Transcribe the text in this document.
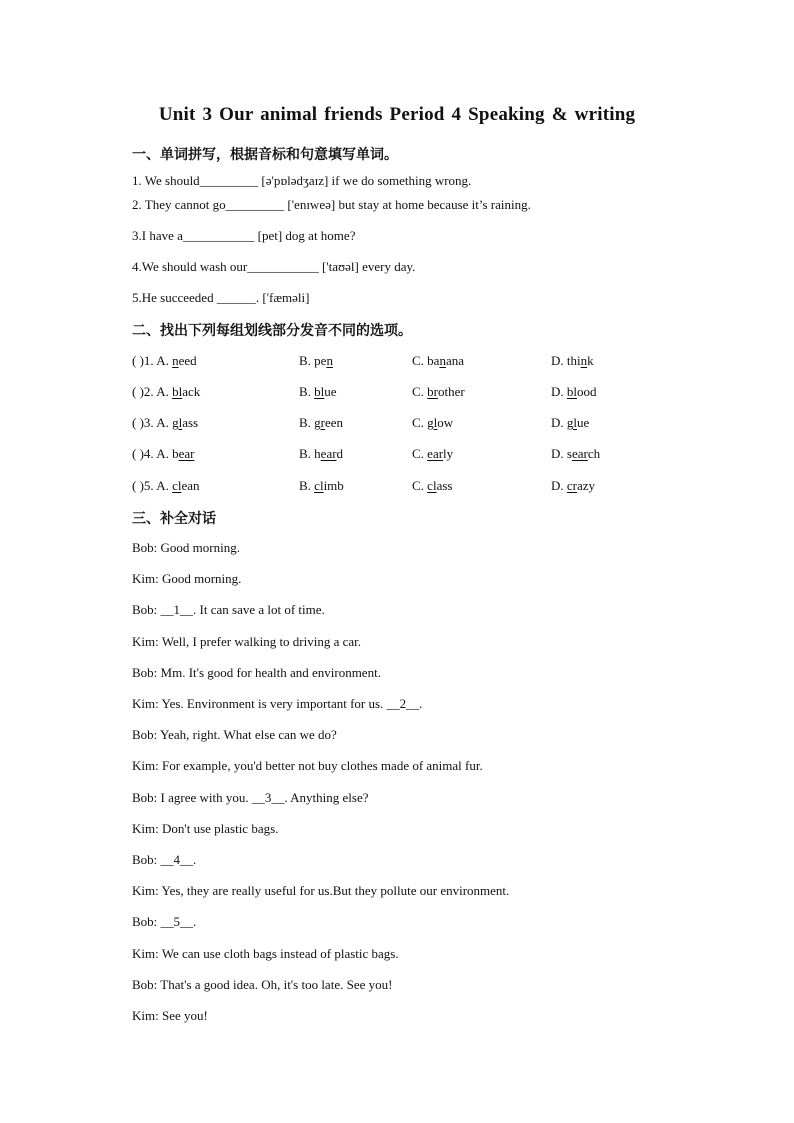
Unit 3 Our animal friends Period 4 Speaking & writing
一、单词拼写，根据音标和句意填写单词。
1. We should_________ [ə'pɒlədʒaɪz] if we do something wrong.
2. They cannot go_________ ['enɪweə] but stay at home because it’s raining.
3.I have a___________ [pet] dog at home?
4.We should wash our___________ ['taʊəl] every day.
5.He succeeded ______. ['fæməli]
二、找出下列每组划线部分发音不同的选项。
( )1. A. need	B. pen	C. banana	D. think
( )2. A. black	B. blue	C. brother	D. blood
( )3. A. glass	B. green	C. glow	D. glue
( )4. A. bear	B. heard	C. early	D. search
( )5. A. clean	B. climb	C. class	D. crazy
三、补全对话
Bob: Good morning.
Kim: Good morning.
Bob: __1__. It can save a lot of time.
Kim: Well, I prefer walking to driving a car.
Bob: Mm. It's good for health and environment.
Kim: Yes. Environment is very important for us. __2__.
Bob: Yeah, right. What else can we do?
Kim: For example, you'd better not buy clothes made of animal fur.
Bob: I agree with you. __3__. Anything else?
Kim: Don't use plastic bags.
Bob: __4__.
Kim: Yes, they are really useful for us.But they pollute our environment.
Bob: __5__.
Kim: We can use cloth bags instead of plastic bags.
Bob: That's a good idea. Oh, it's too late. See you!
Kim: See you!
